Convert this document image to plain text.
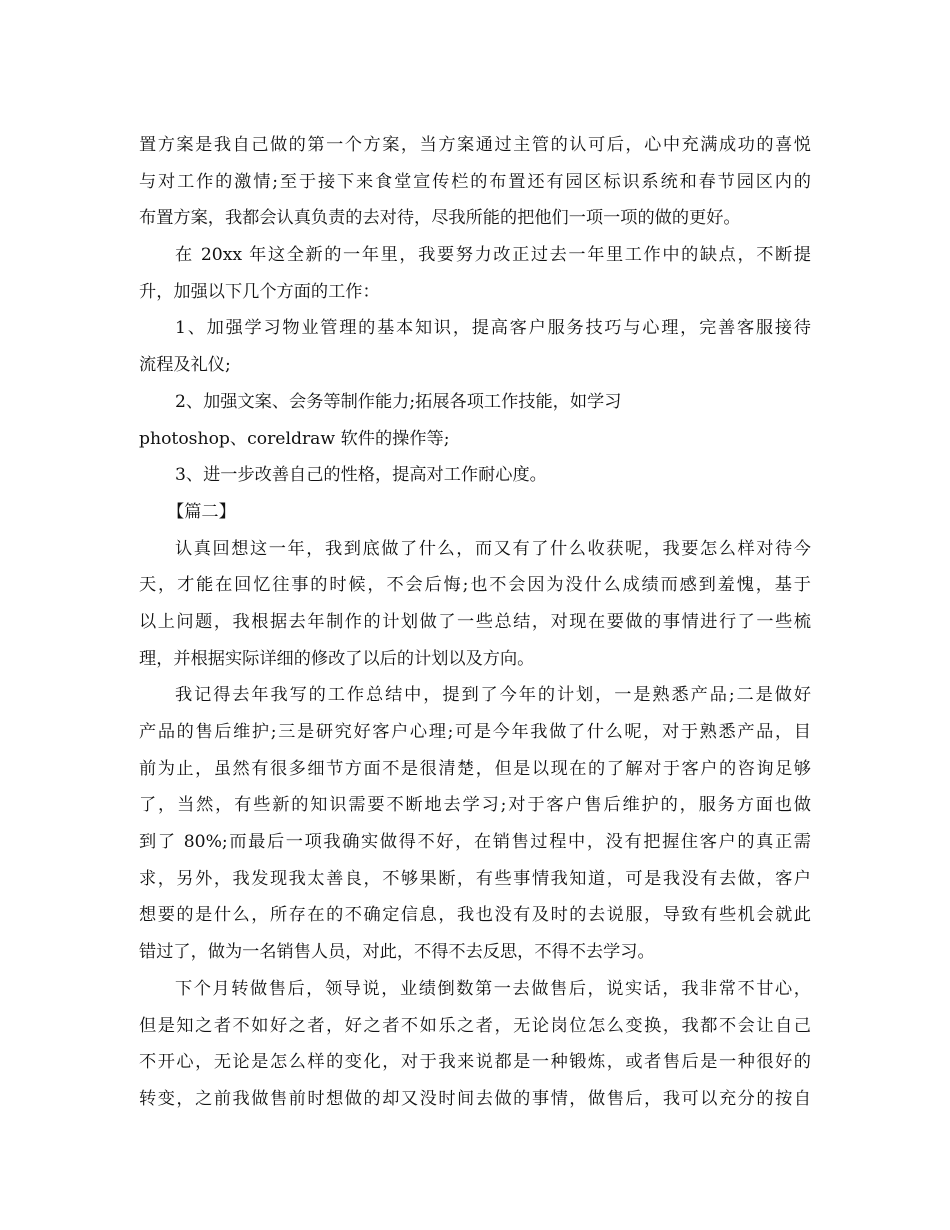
置方案是我自己做的第一个方案，当方案通过主管的认可后，心中充满成功的喜悦
与对工作的激情;至于接下来食堂宣传栏的布置还有园区标识系统和春节园区内的
布置方案，我都会认真负责的去对待，尽我所能的把他们一项一项的做的更好。
在 20xx 年这全新的一年里，我要努力改正过去一年里工作中的缺点，不断提
升，加强以下几个方面的工作：
1、加强学习物业管理的基本知识，提高客户服务技巧与心理，完善客服接待
流程及礼仪;
2、加强文案、会务等制作能力;拓展各项工作技能，如学习
photoshop、coreldraw 软件的操作等;
3、进一步改善自己的性格，提高对工作耐心度。
【篇二】
认真回想这一年，我到底做了什么，而又有了什么收获呢，我要怎么样对待今
天，才能在回忆往事的时候，不会后悔;也不会因为没什么成绩而感到羞愧，基于
以上问题，我根据去年制作的计划做了一些总结，对现在要做的事情进行了一些梳
理，并根据实际详细的修改了以后的计划以及方向。
我记得去年我写的工作总结中，提到了今年的计划，一是熟悉产品;二是做好
产品的售后维护;三是研究好客户心理;可是今年我做了什么呢，对于熟悉产品，目
前为止，虽然有很多细节方面不是很清楚，但是以现在的了解对于客户的咨询足够
了，当然，有些新的知识需要不断地去学习;对于客户售后维护的，服务方面也做
到了 80%;而最后一项我确实做得不好，在销售过程中，没有把握住客户的真正需
求，另外，我发现我太善良，不够果断，有些事情我知道，可是我没有去做，客户
想要的是什么，所存在的不确定信息，我也没有及时的去说服，导致有些机会就此
错过了，做为一名销售人员，对此，不得不去反思，不得不去学习。
下个月转做售后，领导说，业绩倒数第一去做售后，说实话，我非常不甘心，
但是知之者不如好之者，好之者不如乐之者，无论岗位怎么变换，我都不会让自己
不开心，无论是怎么样的变化，对于我来说都是一种锻炼，或者售后是一种很好的
转变，之前我做售前时想做的却又没时间去做的事情，做售后，我可以充分的按自
